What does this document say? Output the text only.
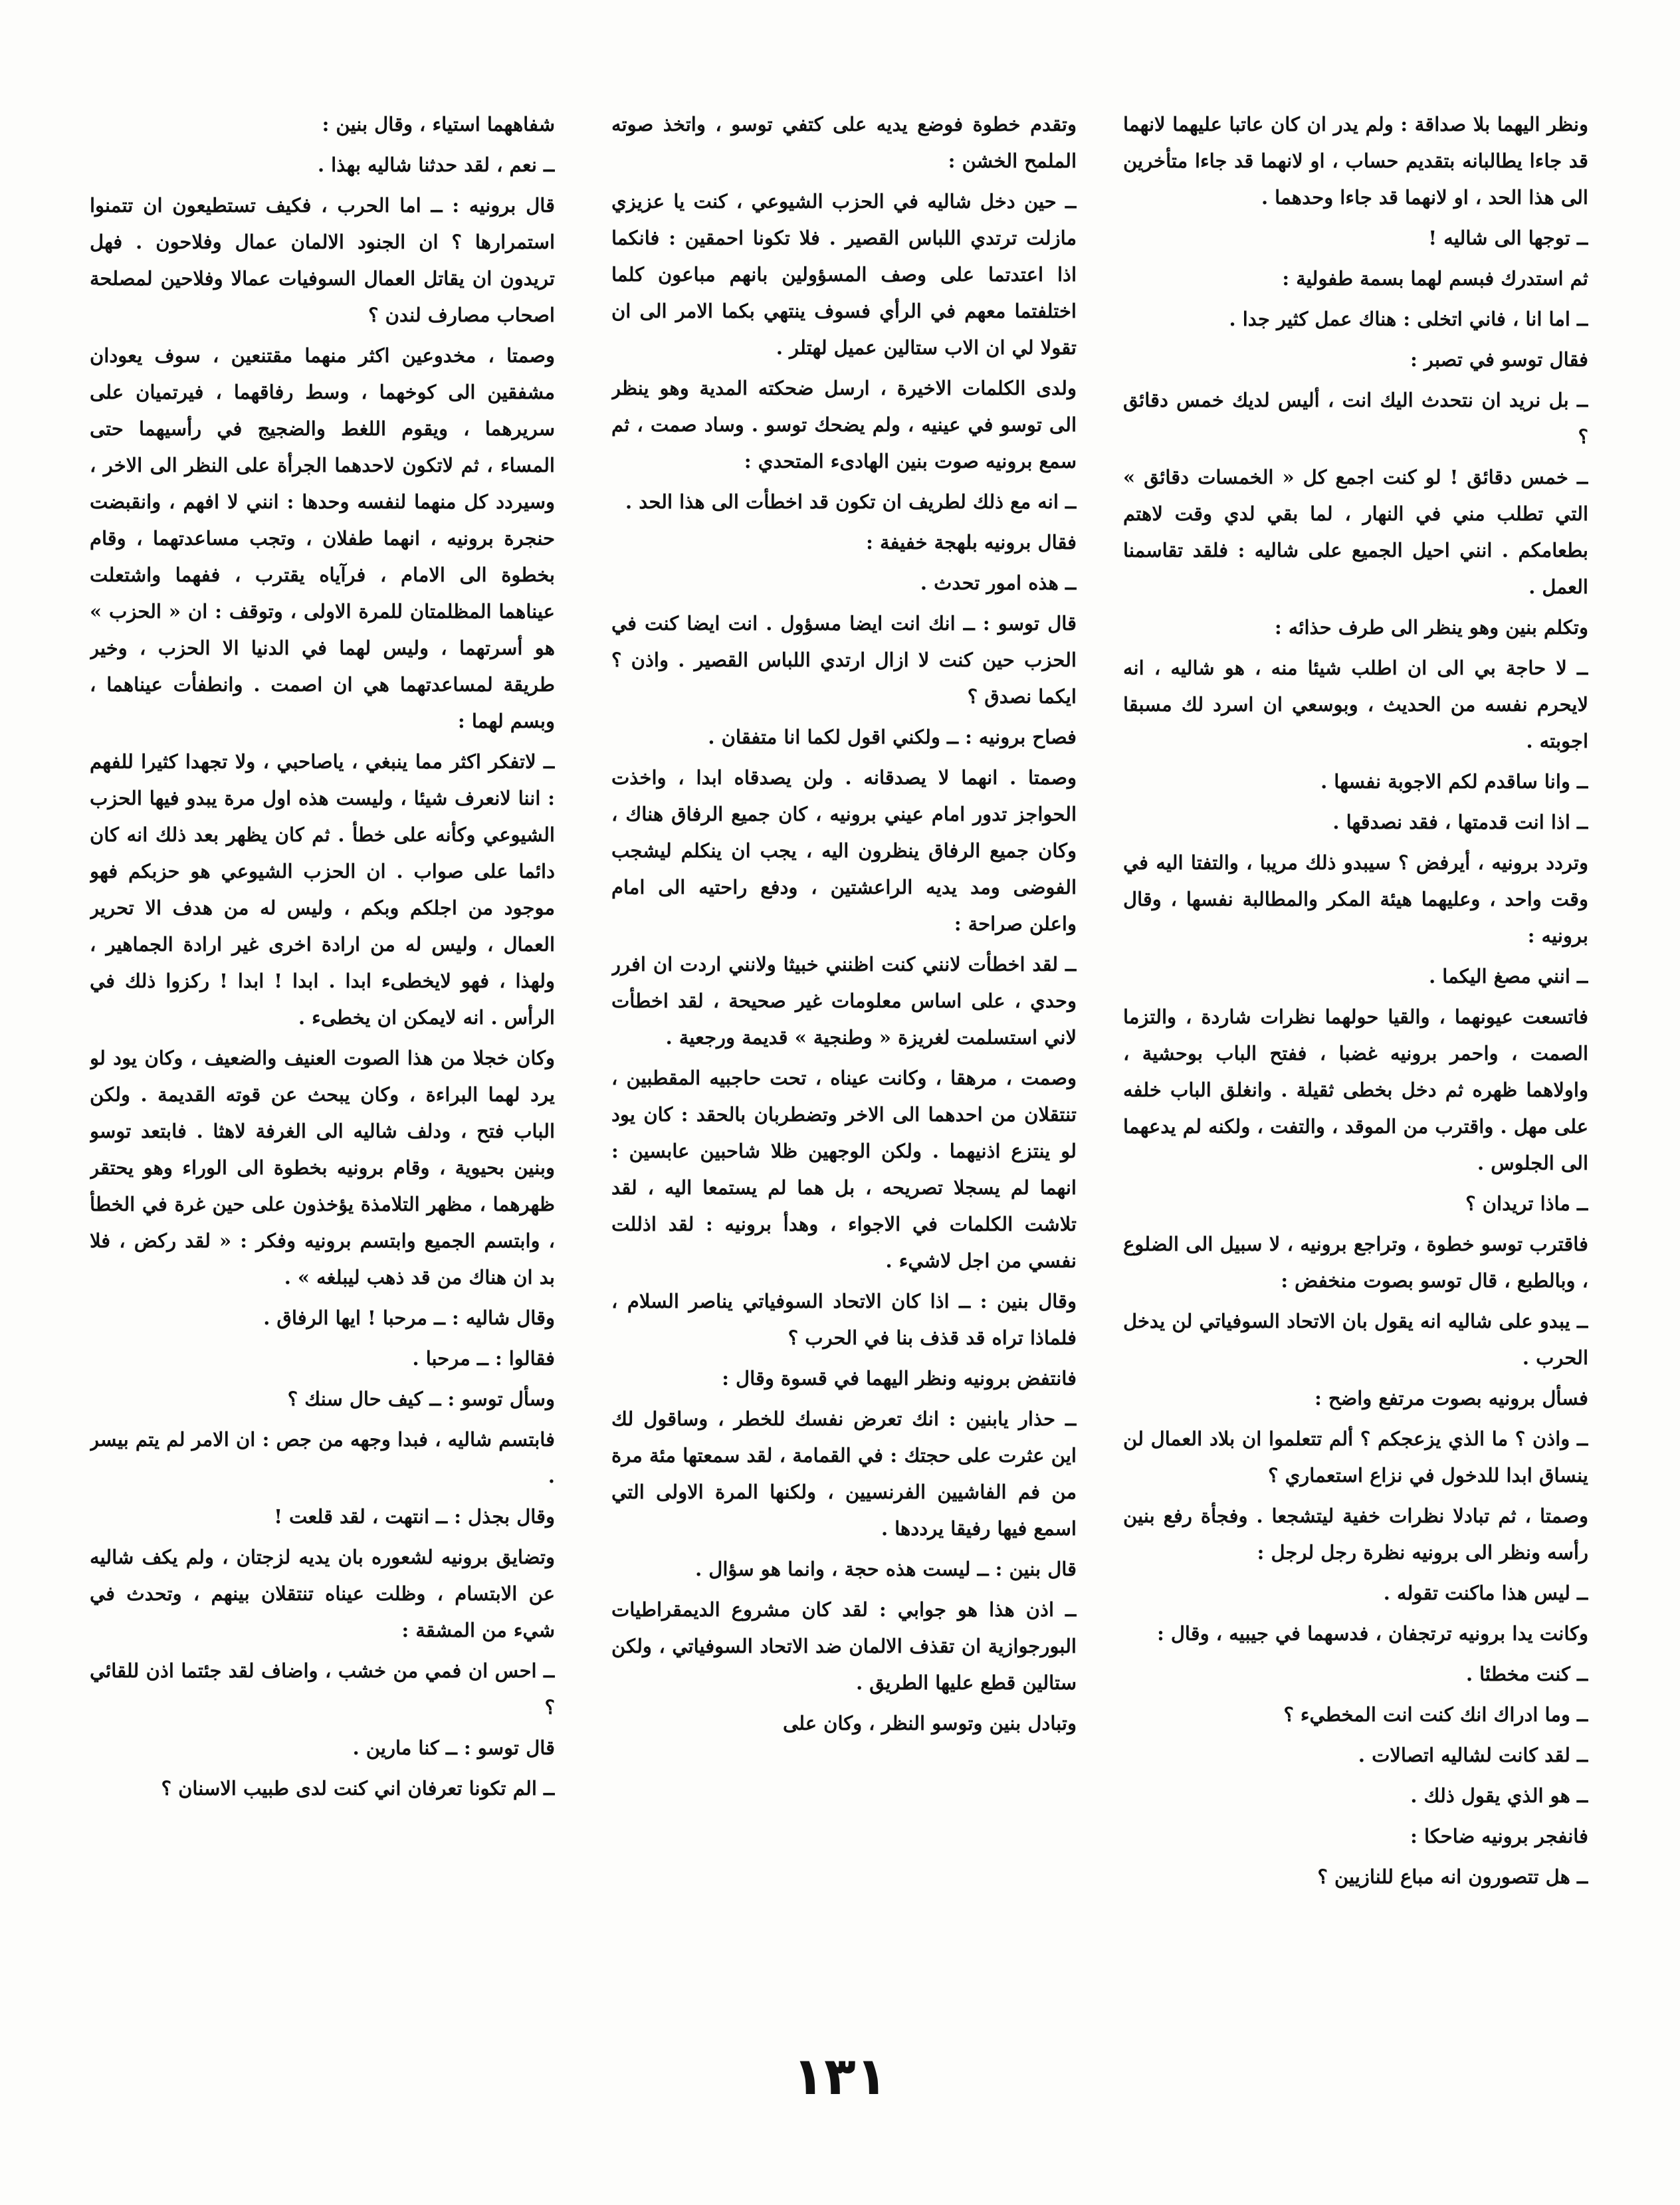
ونظر اليهما بلا صداقة : ولم يدر ان كان عاتبا عليهما لانهما قد جاءا يطالبانه بتقديم حساب ، او لانهما قد جاءا متأخرين الى هذا الحد ، او لانهما قد جاءا وحدهما .

ــ توجها الى شاليه !

ثم استدرك فبسم لهما بسمة طفولية :

ــ اما انا ، فاني اتخلى : هناك عمل كثير جدا .

فقال توسو في تصبر :

ــ بل نريد ان نتحدث اليك انت ، أليس لديك خمس دقائق ؟

ــ خمس دقائق ! لو كنت اجمع كل « الخمسات دقائق » التي تطلب مني في النهار ، لما بقي لدي وقت لاهتم بطعامكم . انني احيل الجميع على شاليه : فلقد تقاسمنا العمل .

وتكلم بنين وهو ينظر الى طرف حذائه :

ــ لا حاجة بي الى ان اطلب شيئا منه ، هو شاليه ، انه لايحرم نفسه من الحديث ، وبوسعي ان اسرد لك مسبقا اجوبته .

ــ وانا ساقدم لكم الاجوبة نفسها .

ــ اذا انت قدمتها ، فقد نصدقها .

وتردد برونيه ، أيرفض ؟ سيبدو ذلك مريبا ، والتفتا اليه في وقت واحد ، وعليهما هيئة المكر والمطالبة نفسها ، وقال برونيه :

ــ انني مصغ اليكما .

فاتسعت عيونهما ، والقيا حولهما نظرات شاردة ، والتزما الصمت ، واحمر برونيه غضبا ، ففتح الباب بوحشية ، واولاهما ظهره ثم دخل بخطى ثقيلة . وانغلق الباب خلفه على مهل . واقترب من الموقد ، والتفت ، ولكنه لم يدعهما الى الجلوس .

ــ ماذا تريدان ؟

فاقترب توسو خطوة ، وتراجع برونيه ، لا سبيل الى الضلوع ، وبالطبع ، قال توسو بصوت منخفض :

ــ يبدو على شاليه انه يقول بان الاتحاد السوفياتي لن يدخل الحرب .

فسأل برونيه بصوت مرتفع واضح :

ــ واذن ؟ ما الذي يزعجكم ؟ ألم تتعلموا ان بلاد العمال لن ينساق ابدا للدخول في نزاع استعماري ؟

وصمتا ، ثم تبادلا نظرات خفية ليتشجعا . وفجأة رفع بنين رأسه ونظر الى برونيه نظرة رجل لرجل :

ــ ليس هذا ماكنت تقوله .

وكانت يدا برونيه ترتجفان ، فدسهما في جيبيه ، وقال :

ــ كنت مخطئا .

ــ وما ادراك انك كنت انت المخطيء ؟

ــ لقد كانت لشاليه اتصالات .

ــ هو الذي يقول ذلك .

فانفجر برونيه ضاحكا :

ــ هل تتصورون انه مباع للنازيين ؟

وتقدم خطوة فوضع يديه على كتفي توسو ، واتخذ صوته الملمح الخشن :

ــ حين دخل شاليه في الحزب الشيوعي ، كنت يا عزيزي مازلت ترتدي اللباس القصير . فلا تكونا احمقين : فانكما اذا اعتدتما على وصف المسؤولين بانهم مباعون كلما اختلفتما معهم في الرأي فسوف ينتهي بكما الامر الى ان تقولا لي ان الاب ستالين عميل لهتلر .

ولدى الكلمات الاخيرة ، ارسل ضحكته المدية وهو ينظر الى توسو في عينيه ، ولم يضحك توسو . وساد صمت ، ثم سمع برونيه صوت بنين الهادىء المتحدي :

ــ انه مع ذلك لطريف ان تكون قد اخطأت الى هذا الحد .

فقال برونيه بلهجة خفيفة :

ــ هذه امور تحدث .

قال توسو : ــ انك انت ايضا مسؤول . انت ايضا كنت في الحزب حين كنت لا ازال ارتدي اللباس القصير . واذن ؟ ايكما نصدق ؟

فصاح برونيه : ــ ولكني اقول لكما انا متفقان .

وصمتا . انهما لا يصدقانه . ولن يصدقاه ابدا ، واخذت الحواجز تدور امام عيني برونيه ، كان جميع الرفاق هناك ، وكان جميع الرفاق ينظرون اليه ، يجب ان ينكلم ليشجب الفوضى ومد يديه الراعشتين ، ودفع راحتيه الى امام واعلن صراحة :

ــ لقد اخطأت لانني كنت اظنني خبيثا ولانني اردت ان افرر وحدي ، على اساس معلومات غير صحيحة ، لقد اخطأت لاني استسلمت لغريزة « وطنجية » قديمة ورجعية .

وصمت ، مرهقا ، وكانت عيناه ، تحت حاجبيه المقطبين ، تنتقلان من احدهما الى الاخر وتضطربان بالحقد : كان يود لو ينتزع اذنيهما . ولكن الوجهين ظلا شاحبين عابسين : انهما لم يسجلا تصريحه ، بل هما لم يستمعا اليه ، لقد تلاشت الكلمات في الاجواء ، وهدأ برونيه : لقد اذللت نفسي من اجل لاشيء .

وقال بنين : ــ اذا كان الاتحاد السوفياتي يناصر السلام ، فلماذا تراه قد قذف بنا في الحرب ؟

فانتفض برونيه ونظر اليهما في قسوة وقال :

ــ حذار يابنين : انك تعرض نفسك للخطر ، وساقول لك اين عثرت على حجتك : في القمامة ، لقد سمعتها مئة مرة من فم الفاشيين الفرنسيين ، ولكنها المرة الاولى التي اسمع فيها رفيقا يرددها .

قال بنين : ــ ليست هذه حجة ، وانما هو سؤال .

ــ اذن هذا هو جوابي : لقد كان مشروع الديمقراطيات البورجوازية ان تقذف الالمان ضد الاتحاد السوفياتي ، ولكن ستالين قطع عليها الطريق .

وتبادل بنين وتوسو النظر ، وكان على

شفاههما استياء ، وقال بنين :

ــ نعم ، لقد حدثنا شاليه بهذا .

قال برونيه : ــ اما الحرب ، فكيف تستطيعون ان تتمنوا استمرارها ؟ ان الجنود الالمان عمال وفلاحون . فهل تريدون ان يقاتل العمال السوفيات عمالا وفلاحين لمصلحة اصحاب مصارف لندن ؟

وصمتا ، مخدوعين اكثر منهما مقتنعين ، سوف يعودان مشفقين الى كوخهما ، وسط رفاقهما ، فيرتميان على سريرهما ، ويقوم اللغط والضجيج في رأسيهما حتى المساء ، ثم لاتكون لاحدهما الجرأة على النظر الى الاخر ، وسيردد كل منهما لنفسه وحدها : انني لا افهم ، وانقبضت حنجرة برونيه ، انهما طفلان ، وتجب مساعدتهما ، وقام بخطوة الى الامام ، فرآياه يقترب ، ففهما واشتعلت عيناهما المظلمتان للمرة الاولى ، وتوقف : ان « الحزب » هو أسرتهما ، وليس لهما في الدنيا الا الحزب ، وخير طريقة لمساعدتهما هي ان اصمت . وانطفأت عيناهما ، وبسم لهما :

ــ لاتفكر اكثر مما ينبغي ، ياصاحبي ، ولا تجهدا كثيرا للفهم : اننا لانعرف شيئا ، وليست هذه اول مرة يبدو فيها الحزب الشيوعي وكأنه على خطأ . ثم كان يظهر بعد ذلك انه كان دائما على صواب . ان الحزب الشيوعي هو حزبكم فهو موجود من اجلكم وبكم ، وليس له من هدف الا تحرير العمال ، وليس له من ارادة اخرى غير ارادة الجماهير ، ولهذا ، فهو لايخطىء ابدا . ابدا ! ابدا ! ركزوا ذلك في الرأس . انه لايمكن ان يخطىء .

وكان خجلا من هذا الصوت العنيف والضعيف ، وكان يود لو يرد لهما البراءة ، وكان يبحث عن قوته القديمة . ولكن الباب فتح ، ودلف شاليه الى الغرفة لاهثا . فابتعد توسو وبنين بحيوية ، وقام برونيه بخطوة الى الوراء وهو يحتقر ظهرهما ، مظهر التلامذة يؤخذون على حين غرة في الخطأ ، وابتسم الجميع وابتسم برونيه وفكر : « لقد ركض ، فلا بد ان هناك من قد ذهب ليبلغه » .

وقال شاليه : ــ مرحبا ! ايها الرفاق .

فقالوا : ــ مرحبا .

وسأل توسو : ــ كيف حال سنك ؟

فابتسم شاليه ، فبدا وجهه من جص : ان الامر لم يتم بيسر .

وقال بجذل : ــ انتهت ، لقد قلعت !

وتضايق برونيه لشعوره بان يديه لزجتان ، ولم يكف شاليه عن الابتسام ، وظلت عيناه تنتقلان بينهم ، وتحدث في شيء من المشقة :

ــ احس ان فمي من خشب ، واضاف لقد جئتما اذن للقائي ؟

قال توسو : ــ كنا مارين .

ــ الم تكونا تعرفان اني كنت لدى طبيب الاسنان ؟

١٣١
